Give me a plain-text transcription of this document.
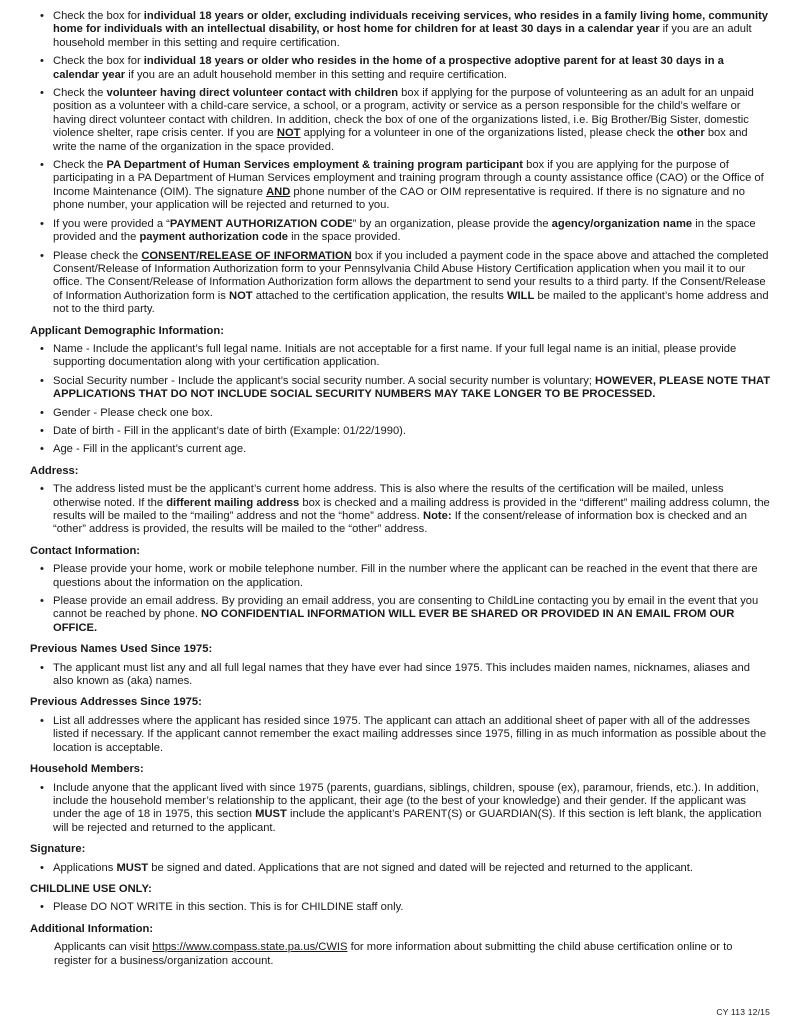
• Check the box for individual 18 years or older, excluding individuals receiving services, who resides in a family living home, community home for individuals with an intellectual disability, or host home for children for at least 30 days in a calendar year if you are an adult household member in this setting and require certification.
• Check the box for individual 18 years or older who resides in the home of a prospective adoptive parent for at least 30 days in a calendar year if you are an adult household member in this setting and require certification.
• Check the volunteer having direct volunteer contact with children box if applying for the purpose of volunteering as an adult for an unpaid position as a volunteer with a child-care service, a school, or a program, activity or service as a person responsible for the child’s welfare or having direct volunteer contact with children. In addition, check the box of one of the organizations listed, i.e. Big Brother/Big Sister, domestic violence shelter, rape crisis center. If you are NOT applying for a volunteer in one of the organizations listed, please check the other box and write the name of the organization in the space provided.
• Check the PA Department of Human Services employment & training program participant box if you are applying for the purpose of participating in a PA Department of Human Services employment and training program through a county assistance office (CAO) or the Office of Income Maintenance (OIM). The signature AND phone number of the CAO or OIM representative is required. If there is no signature and no phone number, your application will be rejected and returned to you.
• If you were provided a “PAYMENT AUTHORIZATION CODE” by an organization, please provide the agency/organization name in the space provided and the payment authorization code in the space provided.
• Please check the CONSENT/RELEASE OF INFORMATION box if you included a payment code in the space above and attached the completed Consent/Release of Information Authorization form to your Pennsylvania Child Abuse History Certification application when you mail it to our office. The Consent/Release of Information Authorization form allows the department to send your results to a third party. If the Consent/Release of Information Authorization form is NOT attached to the certification application, the results WILL be mailed to the applicant’s home address and not to the third party.
Applicant Demographic Information:
• Name - Include the applicant’s full legal name. Initials are not acceptable for a first name. If your full legal name is an initial, please provide supporting documentation along with your certification application.
• Social Security number - Include the applicant’s social security number. A social security number is voluntary; HOWEVER, PLEASE NOTE THAT APPLICATIONS THAT DO NOT INCLUDE SOCIAL SECURITY NUMBERS MAY TAKE LONGER TO BE PROCESSED.
• Gender - Please check one box.
• Date of birth - Fill in the applicant’s date of birth (Example: 01/22/1990).
• Age - Fill in the applicant’s current age.
Address:
• The address listed must be the applicant’s current home address. This is also where the results of the certification will be mailed, unless otherwise noted. If the different mailing address box is checked and a mailing address is provided in the “different” mailing address column, the results will be mailed to the “mailing” address and not the “home” address. Note: If the consent/release of information box is checked and an “other” address is provided, the results will be mailed to the “other” address.
Contact Information:
• Please provide your home, work or mobile telephone number. Fill in the number where the applicant can be reached in the event that there are questions about the information on the application.
• Please provide an email address. By providing an email address, you are consenting to ChildLine contacting you by email in the event that you cannot be reached by phone. NO CONFIDENTIAL INFORMATION WILL EVER BE SHARED OR PROVIDED IN AN EMAIL FROM OUR OFFICE.
Previous Names Used Since 1975:
• The applicant must list any and all full legal names that they have ever had since 1975. This includes maiden names, nicknames, aliases and also known as (aka) names.
Previous Addresses Since 1975:
• List all addresses where the applicant has resided since 1975. The applicant can attach an additional sheet of paper with all of the addresses listed if necessary. If the applicant cannot remember the exact mailing addresses since 1975, filling in as much information as possible about the location is acceptable.
Household Members:
• Include anyone that the applicant lived with since 1975 (parents, guardians, siblings, children, spouse (ex), paramour, friends, etc.). In addition, include the household member’s relationship to the applicant, their age (to the best of your knowledge) and their gender. If the applicant was under the age of 18 in 1975, this section MUST include the applicant’s PARENT(S) or GUARDIAN(S). If this section is left blank, the application will be rejected and returned to the applicant.
Signature:
• Applications MUST be signed and dated. Applications that are not signed and dated will be rejected and returned to the applicant.
CHILDLINE USE ONLY:
• Please DO NOT WRITE in this section. This is for CHILDINE staff only.
Additional Information:
Applicants can visit https://www.compass.state.pa.us/CWIS for more information about submitting the child abuse certification online or to register for a business/organization account.
CY 113 12/15
